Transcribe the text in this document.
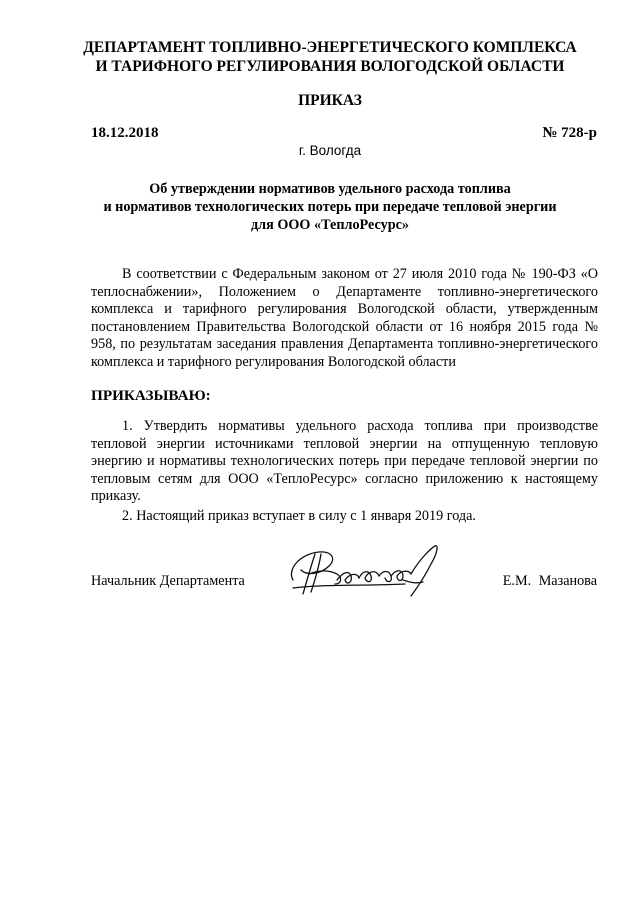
ДЕПАРТАМЕНТ ТОПЛИВНО-ЭНЕРГЕТИЧЕСКОГО КОМПЛЕКСА
И ТАРИФНОГО РЕГУЛИРОВАНИЯ ВОЛОГОДСКОЙ ОБЛАСТИ
ПРИКАЗ
18.12.2018	№ 728-р
г. Вологда
Об утверждении нормативов удельного расхода топлива
и нормативов технологических потерь при передаче тепловой энергии
для ООО «ТеплоРесурс»
В соответствии с Федеральным законом от 27 июля 2010 года № 190-ФЗ «О теплоснабжении», Положением о Департаменте топливно-энергетического комплекса и тарифного регулирования Вологодской области, утвержденным постановлением Правительства Вологодской области от 16 ноября 2015 года № 958, по результатам заседания правления Департамента топливно-энергетического комплекса и тарифного регулирования Вологодской области
ПРИКАЗЫВАЮ:
1. Утвердить нормативы удельного расхода топлива при производстве тепловой энергии источниками тепловой энергии на отпущенную тепловую энергию и нормативы технологических потерь при передаче тепловой энергии по тепловым сетям для ООО «ТеплоРесурс» согласно приложению к настоящему приказу.
2. Настоящий приказ вступает в силу с 1 января 2019 года.
Начальник Департамента	Е.М. Мазанова
